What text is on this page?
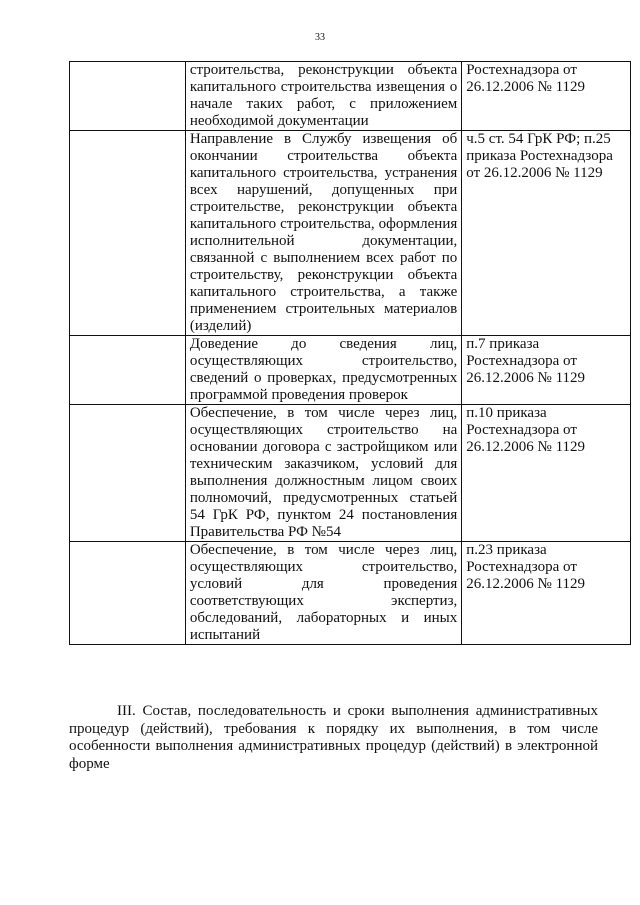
33
	строительства, реконструкции объекта капитального строительства извещения о начале таких работ, с приложением необходимой документации	Ростехнадзора от 26.12.2006 № 1129
	Направление в Службу извещения об окончании строительства объекта капитального строительства, устранения всех нарушений, допущенных при строительстве, реконструкции объекта капитального строительства, оформления исполнительной документации, связанной с выполнением всех работ по строительству, реконструкции объекта капитального строительства, а также применением строительных материалов (изделий)	ч.5 ст. 54 ГрК РФ; п.25 приказа Ростехнадзора от 26.12.2006 № 1129
	Доведение до сведения лиц, осуществляющих строительство, сведений о проверках, предусмотренных программой проведения проверок	п.7 приказа Ростехнадзора от 26.12.2006 № 1129
	Обеспечение, в том числе через лиц, осуществляющих строительство на основании договора с застройщиком или техническим заказчиком, условий для выполнения должностным лицом своих полномочий, предусмотренных статьей 54 ГрК РФ, пунктом 24 постановления Правительства РФ №54	п.10 приказа Ростехнадзора от 26.12.2006 № 1129
	Обеспечение, в том числе через лиц, осуществляющих строительство, условий для проведения соответствующих экспертиз, обследований, лабораторных и иных испытаний	п.23 приказа Ростехнадзора от 26.12.2006 № 1129

III. Состав, последовательность и сроки выполнения административных процедур (действий), требования к порядку их выполнения, в том числе особенности выполнения административных процедур (действий) в электронной форме
